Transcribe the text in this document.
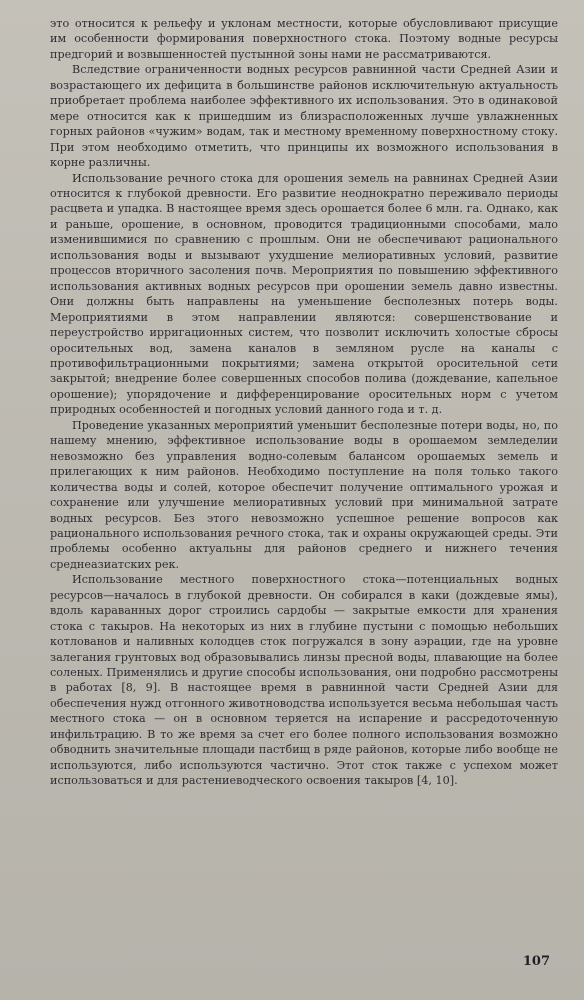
это относится к рельефу и уклонам местности, которые обусловливают присущие им особенности формирования поверхностного стока. Поэтому водные ресурсы предгорий и возвышенностей пустынной зоны нами не рассматриваются.

Вследствие ограниченности водных ресурсов равнинной части Средней Азии и возрастающего их дефицита в большинстве районов исключительную актуальность приобретает проблема наиболее эффективного их использования. Это в одинаковой мере относится как к пришедшим из близрасположенных лучше увлажненных горных районов «чужим» водам, так и местному временному поверхностному стоку. При этом необходимо отметить, что принципы их возможного использования в корне различны.

Использование речного стока для орошения земель на равнинах Средней Азии относится к глубокой древности. Его развитие неоднократно переживало периоды расцвета и упадка. В настоящее время здесь орошается более 6 млн. га. Однако, как и раньше, орошение, в основном, проводится традиционными способами, мало изменившимися по сравнению с прошлым. Они не обеспечивают рационального использования воды и вызывают ухудшение мелиоративных условий, развитие процессов вторичного засоления почв. Мероприятия по повышению эффективного использования активных водных ресурсов при орошении земель давно известны. Они должны быть направлены на уменьшение бесполезных потерь воды. Мероприятиями в этом направлении являются: совершенствование и переустройство ирригационных систем, что позволит исключить холостые сбросы оросительных вод, замена каналов в земляном русле на каналы с противофильтрационными покрытиями; замена открытой оросительной сети закрытой; внедрение более совершенных способов полива (дождевание, капельное орошение); упорядочение и дифференцирование оросительных норм с учетом природных особенностей и погодных условий данного года и т. д.

Проведение указанных мероприятий уменьшит бесполезные потери воды, но, по нашему мнению, эффективное использование воды в орошаемом земледелии невозможно без управления водно-солевым балансом орошаемых земель и прилегающих к ним районов. Необходимо поступление на поля только такого количества воды и солей, которое обеспечит получение оптимального урожая и сохранение или улучшение мелиоративных условий при минимальной затрате водных ресурсов. Без этого невозможно успешное решение вопросов как рационального использования речного стока, так и охраны окружающей среды. Эти проблемы особенно актуальны для районов среднего и нижнего течения среднеазиатских рек.

Использование местного поверхностного стока—потенциальных водных ресурсов—началось в глубокой древности. Он собирался в каки (дождевые ямы), вдоль караванных дорог строились сардобы — закрытые емкости для хранения стока с такыров. На некоторых из них в глубине пустыни с помощью небольших котлованов и наливных колодцев сток погружался в зону аэрации, где на уровне залегания грунтовых вод образовывались линзы пресной воды, плавающие на более соленых. Применялись и другие способы использования, они подробно рассмотрены в работах [8, 9]. В настоящее время в равнинной части Средней Азии для обеспечения нужд отгонного животноводства используется весьма небольшая часть местного стока — он в основном теряется на испарение и рассредоточенную инфильтрацию. В то же время за счет его более полного использования возможно обводнить значительные площади пастбищ в ряде районов, которые либо вообще не используются, либо используются частично. Этот сток также с успехом может использоваться и для растениеводческого освоения такыров [4, 10].

107
